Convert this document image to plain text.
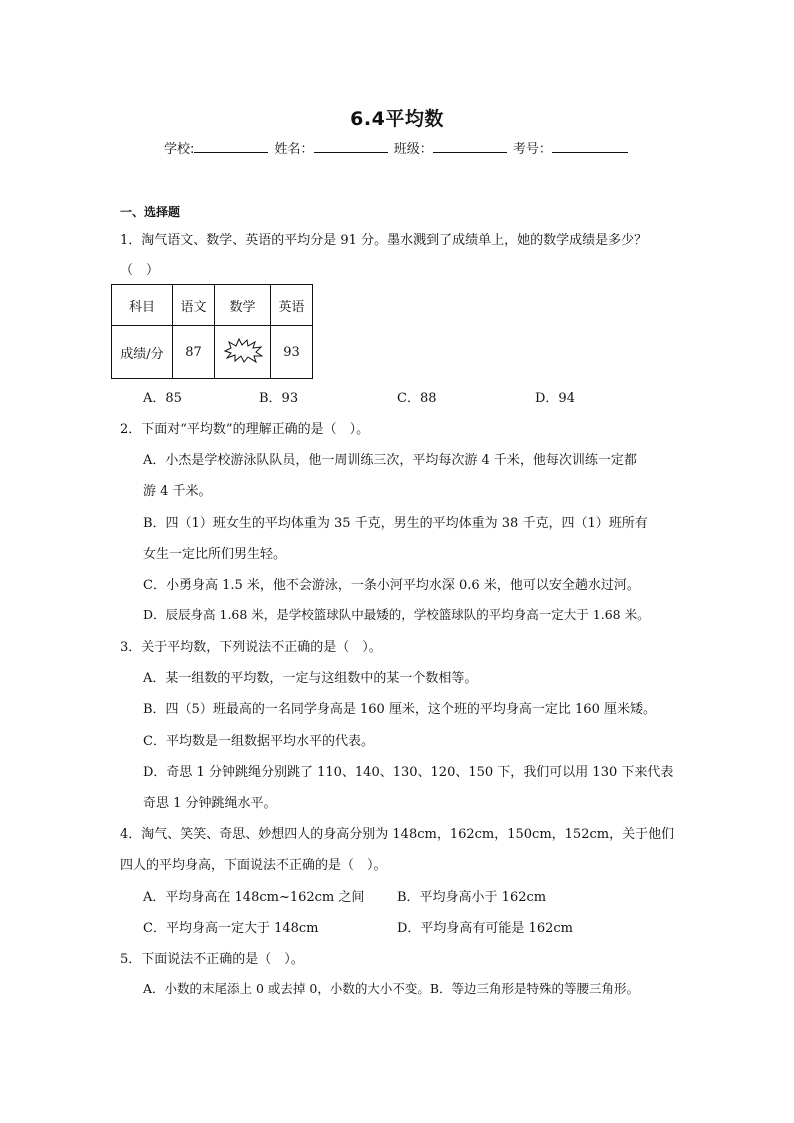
6.4平均数
学校:	姓名：	班级：	考号：
一、选择题
1．淘气语文、数学、英语的平均分是 91 分。墨水溅到了成绩单上，她的数学成绩是多少？
（　）
科目	语文	数学	英语
成绩/分	87		93
A．85	B．93	C．88	D．94
2．下面对“平均数”的理解正确的是（　）。
A．小杰是学校游泳队队员，他一周训练三次，平均每次游 4 千米，他每次训练一定都
游 4 千米。
B．四（1）班女生的平均体重为 35 千克，男生的平均体重为 38 千克，四（1）班所有
女生一定比所们男生轻。
C．小勇身高 1.5 米，他不会游泳，一条小河平均水深 0.6 米，他可以安全趟水过河。
D．辰辰身高 1.68 米，是学校篮球队中最矮的，学校篮球队的平均身高一定大于 1.68 米。
3．关于平均数，下列说法不正确的是（　）。
A．某一组数的平均数，一定与这组数中的某一个数相等。
B．四（5）班最高的一名同学身高是 160 厘米，这个班的平均身高一定比 160 厘米矮。
C．平均数是一组数据平均水平的代表。
D．奇思 1 分钟跳绳分别跳了 110、140、130、120、150 下，我们可以用 130 下来代表
奇思 1 分钟跳绳水平。
4．淘气、笑笑、奇思、妙想四人的身高分别为 148cm，162cm，150cm，152cm，关于他们
四人的平均身高，下面说法不正确的是（　）。
A．平均身高在 148cm~162cm 之间	B．平均身高小于 162cm
C．平均身高一定大于 148cm	D．平均身高有可能是 162cm
5．下面说法不正确的是（　）。
A．小数的末尾添上 0 或去掉 0，小数的大小不变。B．等边三角形是特殊的等腰三角形。
